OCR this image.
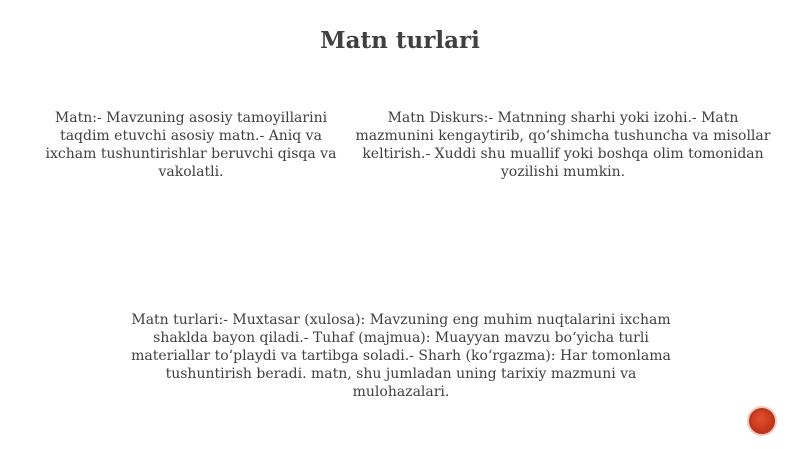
Matn turlari

Matn:- Mavzuning asosiy tamoyillarini taqdim etuvchi asosiy matn.- Aniq va ixcham tushuntirishlar beruvchi qisqa va vakolatli.

Matn Diskurs:- Matnning sharhi yoki izohi.- Matn mazmunini kengaytirib, qo‘shimcha tushuncha va misollar keltirish.- Xuddi shu muallif yoki boshqa olim tomonidan yozilishi mumkin.

Matn turlari:- Muxtasar (xulosa): Mavzuning eng muhim nuqtalarini ixcham shaklda bayon qiladi.- Tuhaf (majmua): Muayyan mavzu bo‘yicha turli materiallar to‘playdi va tartibga soladi.- Sharh (ko‘rgazma): Har tomonlama tushuntirish beradi. matn, shu jumladan uning tarixiy mazmuni va mulohazalari.
